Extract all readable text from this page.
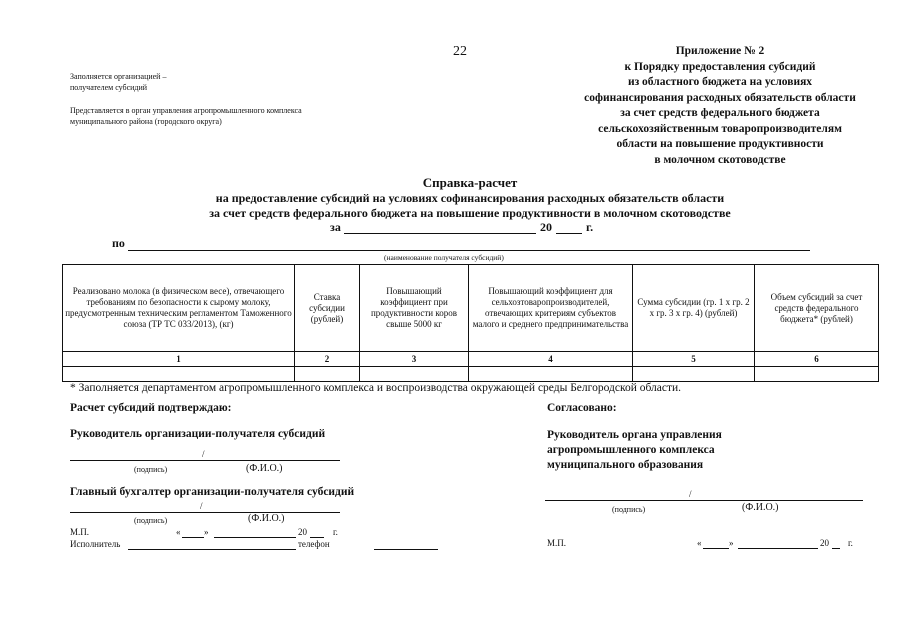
22
Заполняется организацией –
получателем субсидий
Представляется в орган управления агропромышленного комплекса
муниципального района (городского округа)
Приложение № 2
к Порядку предоставления субсидий
из областного бюджета на условиях
софинансирования расходных обязательств области
за счет средств федерального бюджета
сельскохозяйственным товаропроизводителям
области на повышение продуктивности
в молочном скотоводстве
Справка-расчет
на предоставление субсидий на условиях софинансирования расходных обязательств области
за счет средств федерального бюджета на повышение продуктивности в молочном скотоводстве
за	20	г.
по
(наименование получателя субсидий)
Реализовано молока (в физическом весе), отвечающего требованиям по безопасности к сырому молоку, предусмотренным техническим регламентом Таможенного союза (ТР ТС 033/2013), (кг)	Ставка субсидии (рублей)	Повышающий коэффициент при продуктивности коров свыше 5000 кг	Повышающий коэффициент для сельхозтоваропроизводителей, отвечающих критериям субъектов малого и среднего предпринимательства	Сумма субсидии (гр. 1 х гр. 2 х гр. 3 х гр. 4) (рублей)	Объем субсидий за счет средств федерального бюджета* (рублей)
1	2	3	4	5	6

* Заполняется департаментом агропромышленного комплекса и воспроизводства окружающей среды Белгородской области.
Расчет субсидий подтверждаю:
Руководитель организации-получателя субсидий
/
(подпись)	(Ф.И.О.)
Главный бухгалтер организации-получателя субсидий
/
(подпись)	(Ф.И.О.)
М.П.	«	»	20	г.
Исполнитель	телефон
Согласовано:
Руководитель органа управления
агропромышленного комплекса
муниципального образования
/
(подпись)	(Ф.И.О.)
М.П.	«	»	20 г.
